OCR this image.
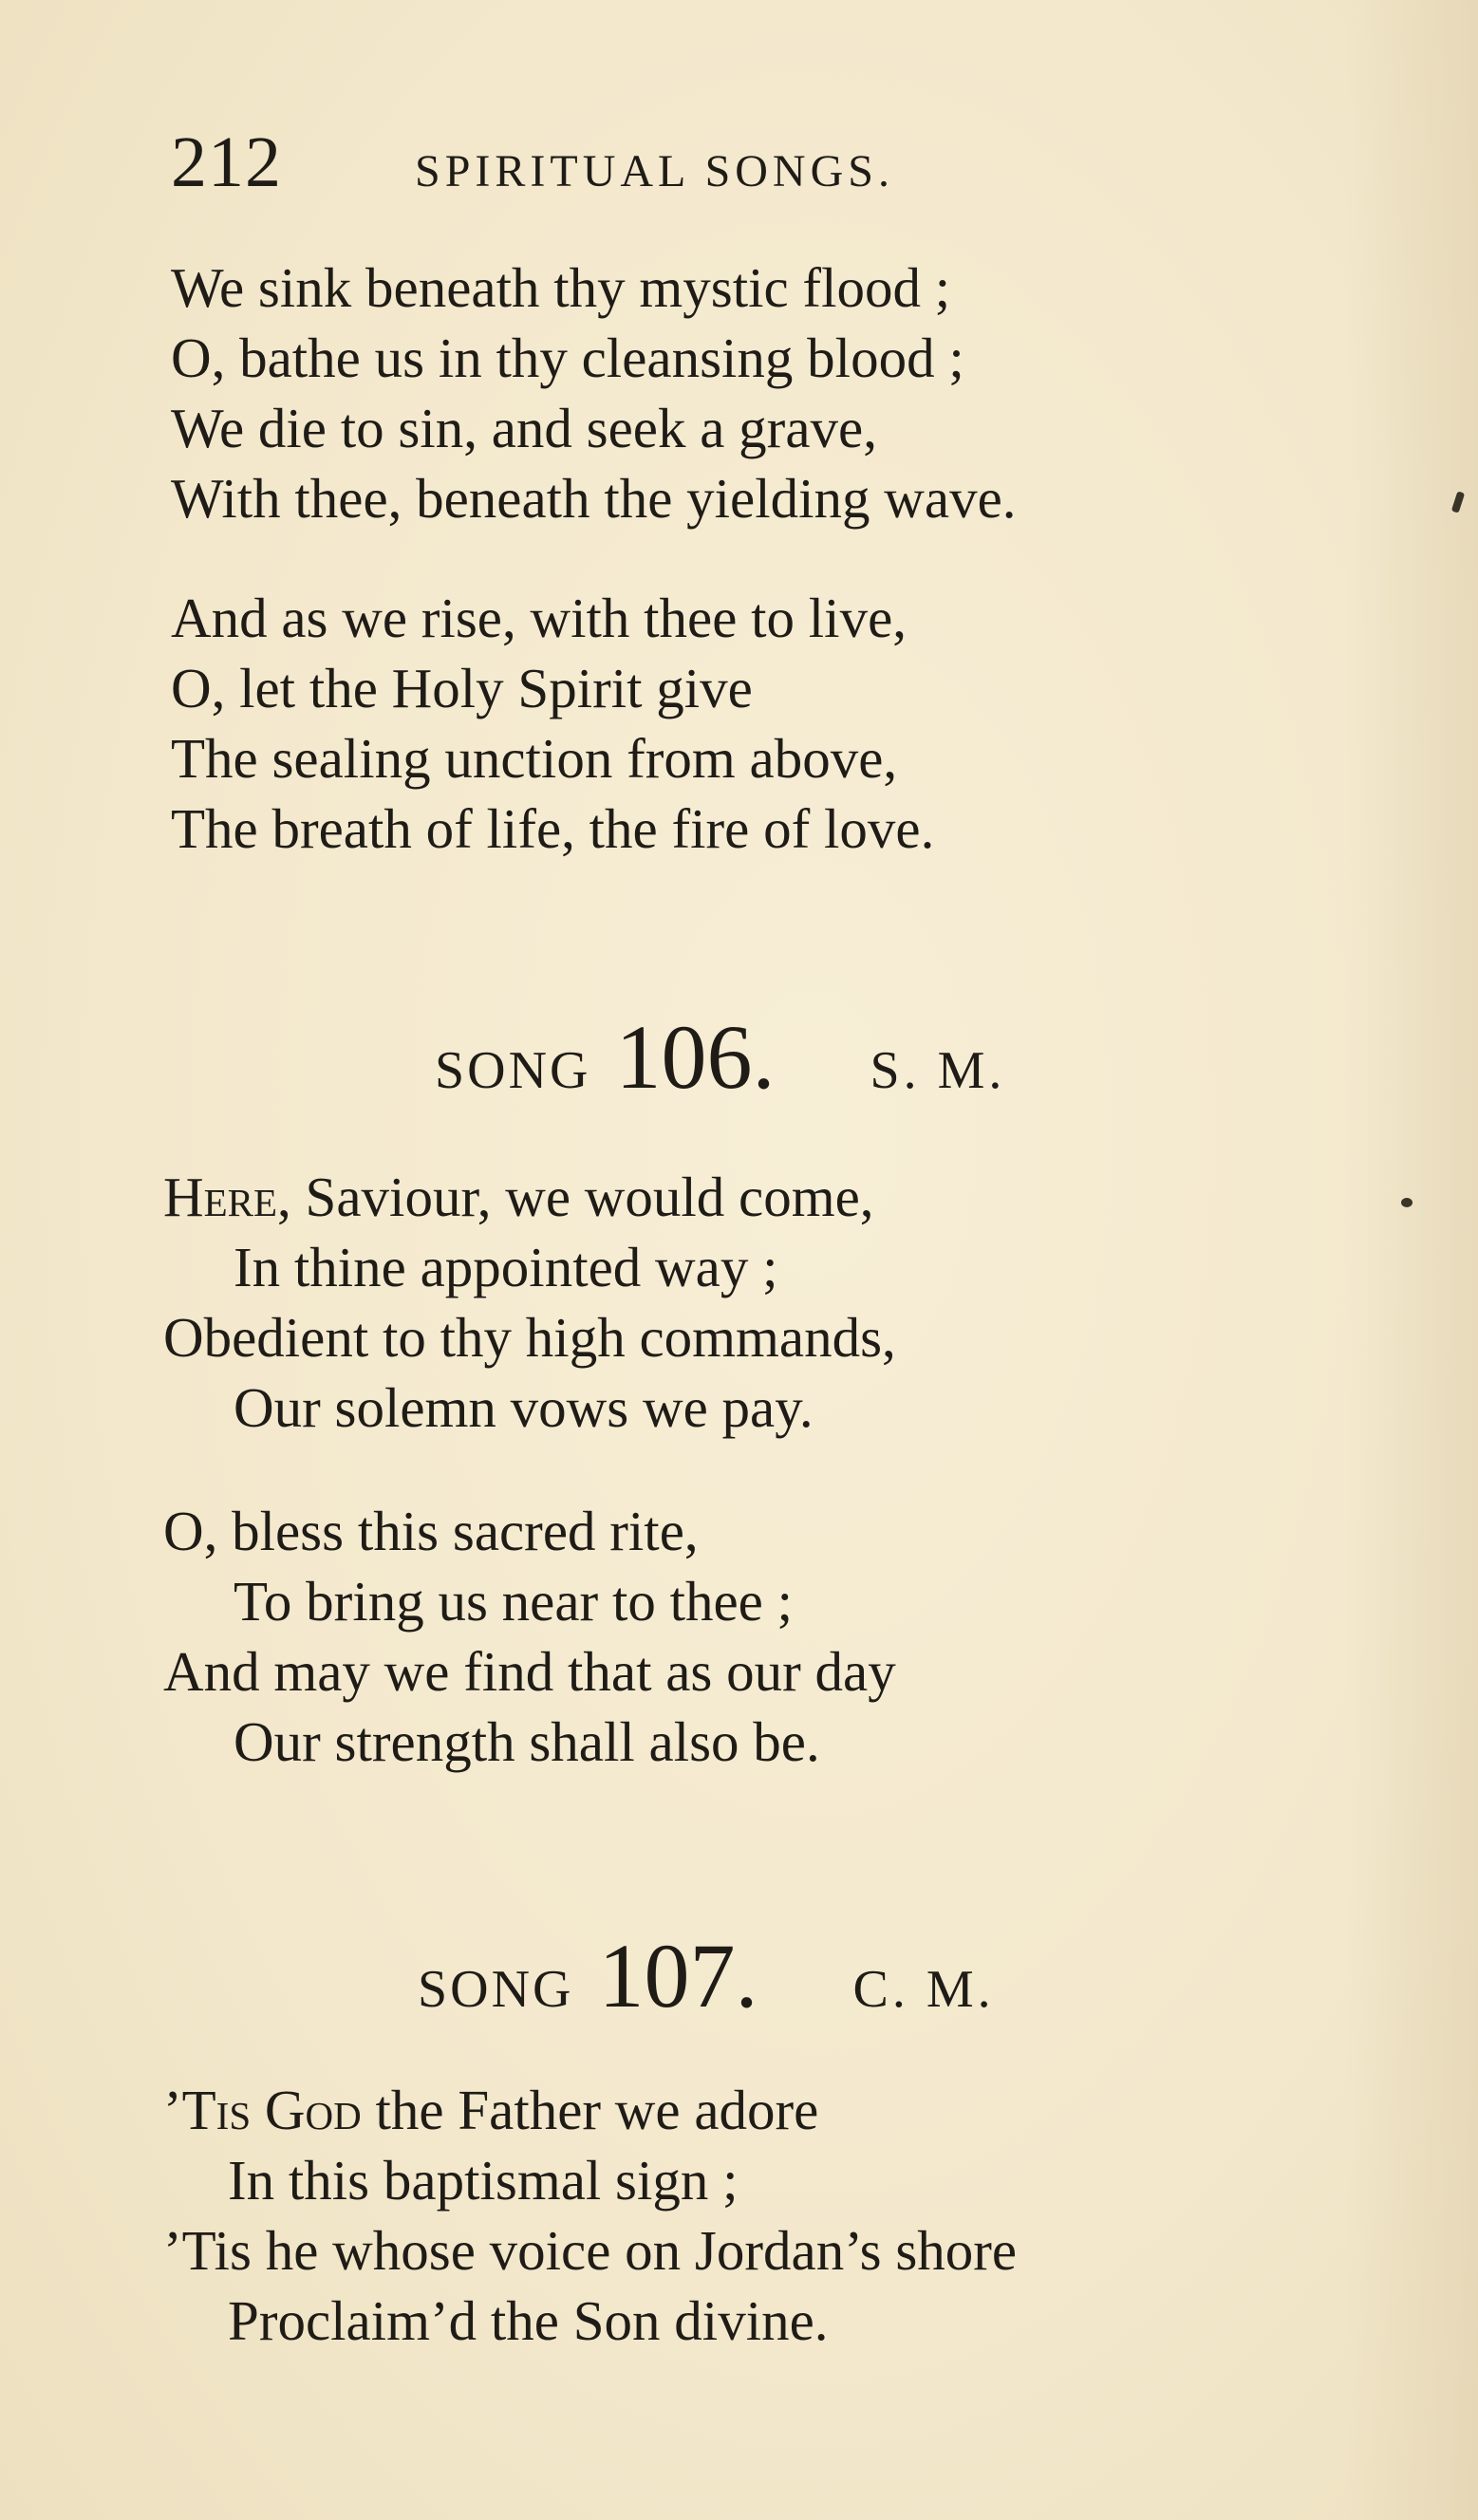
212	SPIRITUAL SONGS.
We sink beneath thy mystic flood ;
O, bathe us in thy cleansing blood ;
We die to sin, and seek a grave,
With thee, beneath the yielding wave.
And as we rise, with thee to live,
O, let the Holy Spirit give
The sealing unction from above,
The breath of life, the fire of love.
SONG 106. S. M.
Here, Saviour, we would come,
In thine appointed way ;
Obedient to thy high commands,
Our solemn vows we pay.
O, bless this sacred rite,
To bring us near to thee ;
And may we find that as our day
Our strength shall also be.
SONG 107. C. M.
’Tis God the Father we adore
In this baptismal sign ;
’Tis he whose voice on Jordan’s shore
Proclaim’d the Son divine.
